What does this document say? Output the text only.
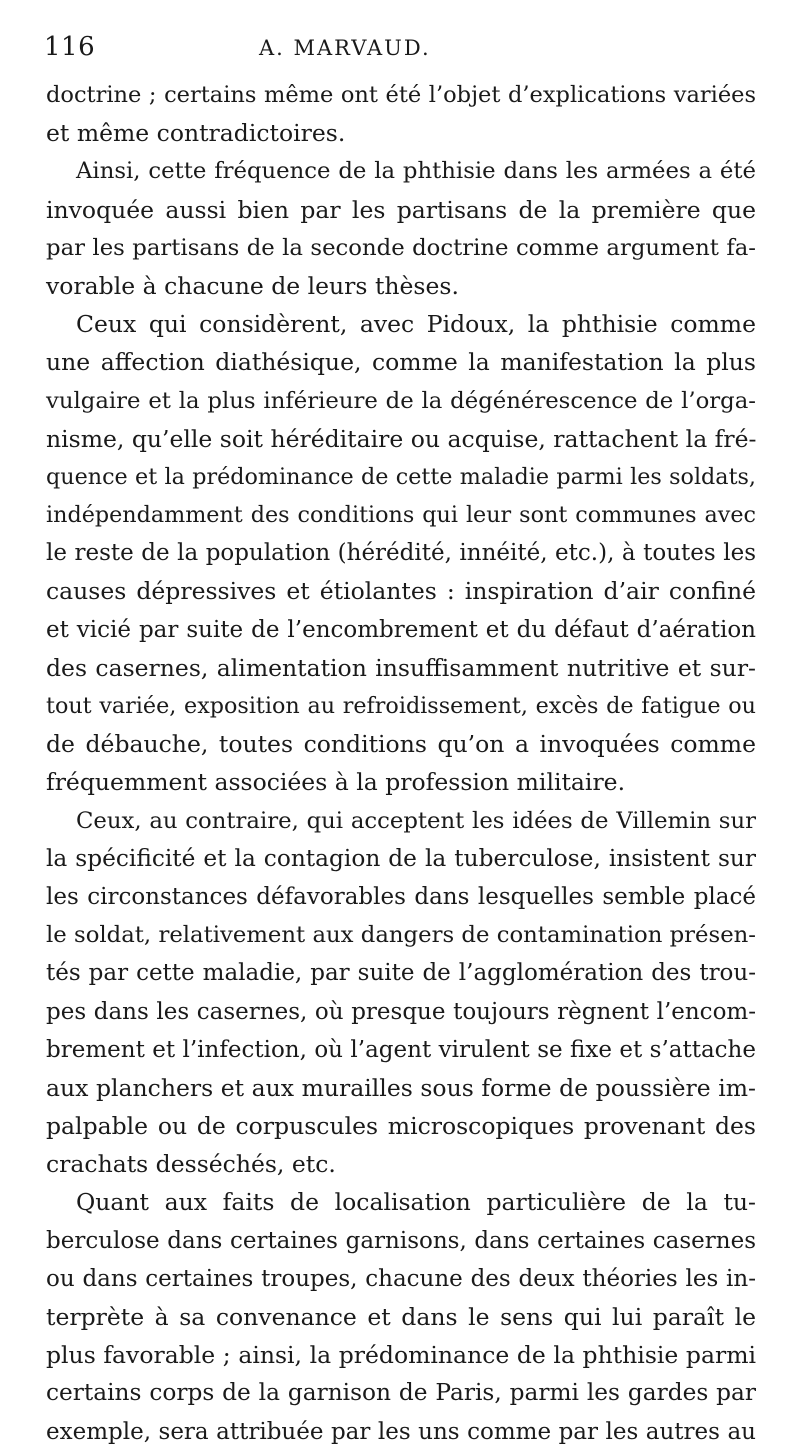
116	A. MARVAUD.
doctrine ; certains même ont été l’objet d’explications variées
et même contradictoires.
Ainsi, cette fréquence de la phthisie dans les armées a été
invoquée aussi bien par les partisans de la première que
par les partisans de la seconde doctrine comme argument fa-
vorable à chacune de leurs thèses.
Ceux qui considèrent, avec Pidoux, la phthisie comme
une affection diathésique, comme la manifestation la plus
vulgaire et la plus inférieure de la dégénérescence de l’orga-
nisme, qu’elle soit héréditaire ou acquise, rattachent la fré-
quence et la prédominance de cette maladie parmi les soldats,
indépendamment des conditions qui leur sont communes avec
le reste de la population (hérédité, innéité, etc.), à toutes les
causes dépressives et étiolantes : inspiration d’air confiné
et vicié par suite de l’encombrement et du défaut d’aération
des casernes, alimentation insuffisamment nutritive et sur-
tout variée, exposition au refroidissement, excès de fatigue ou
de débauche, toutes conditions qu’on a invoquées comme
fréquemment associées à la profession militaire.
Ceux, au contraire, qui acceptent les idées de Villemin sur
la spécificité et la contagion de la tuberculose, insistent sur
les circonstances défavorables dans lesquelles semble placé
le soldat, relativement aux dangers de contamination présen-
tés par cette maladie, par suite de l’agglomération des trou-
pes dans les casernes, où presque toujours règnent l’encom-
brement et l’infection, où l’agent virulent se fixe et s’attache
aux planchers et aux murailles sous forme de poussière im-
palpable ou de corpuscules microscopiques provenant des
crachats desséchés, etc.
Quant aux faits de localisation particulière de la tu-
berculose dans certaines garnisons, dans certaines casernes
ou dans certaines troupes, chacune des deux théories les in-
terprète à sa convenance et dans le sens qui lui paraît le
plus favorable ; ainsi, la prédominance de la phthisie parmi
certains corps de la garnison de Paris, parmi les gardes par
exemple, sera attribuée par les uns comme par les autres au
